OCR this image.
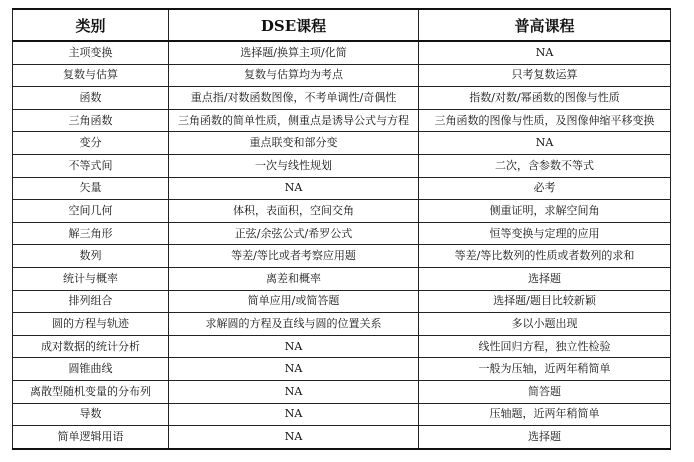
类别	DSE课程	普高课程
主项变换	选择题/换算主项/化简	NA
复数与估算	复数与估算均为考点	只考复数运算
函数	重点指/对数函数图像，不考单调性/奇偶性	指数/对数/幂函数的图像与性质
三角函数	三角函数的简单性质，侧重点是诱导公式与方程	三角函数的图像与性质，及图像伸缩平移变换
变分	重点联变和部分变	NA
不等式间	一次与线性规划	二次，含参数不等式
矢量	NA	必考
空间几何	体积，表面积，空间交角	侧重证明，求解空间角
解三角形	正弦/余弦公式/希罗公式	恒等变换与定理的应用
数列	等差/等比或者考察应用题	等差/等比数列的性质或者数列的求和
统计与概率	离差和概率	选择题
排列组合	简单应用/或简答题	选择题/题目比较新颖
圆的方程与轨迹	求解圆的方程及直线与圆的位置关系	多以小题出现
成对数据的统计分析	NA	线性回归方程，独立性检验
圆锥曲线	NA	一般为压轴，近两年稍简单
离散型随机变量的分布列	NA	简答题
导数	NA	压轴题，近两年稍简单
简单逻辑用语	NA	选择题
